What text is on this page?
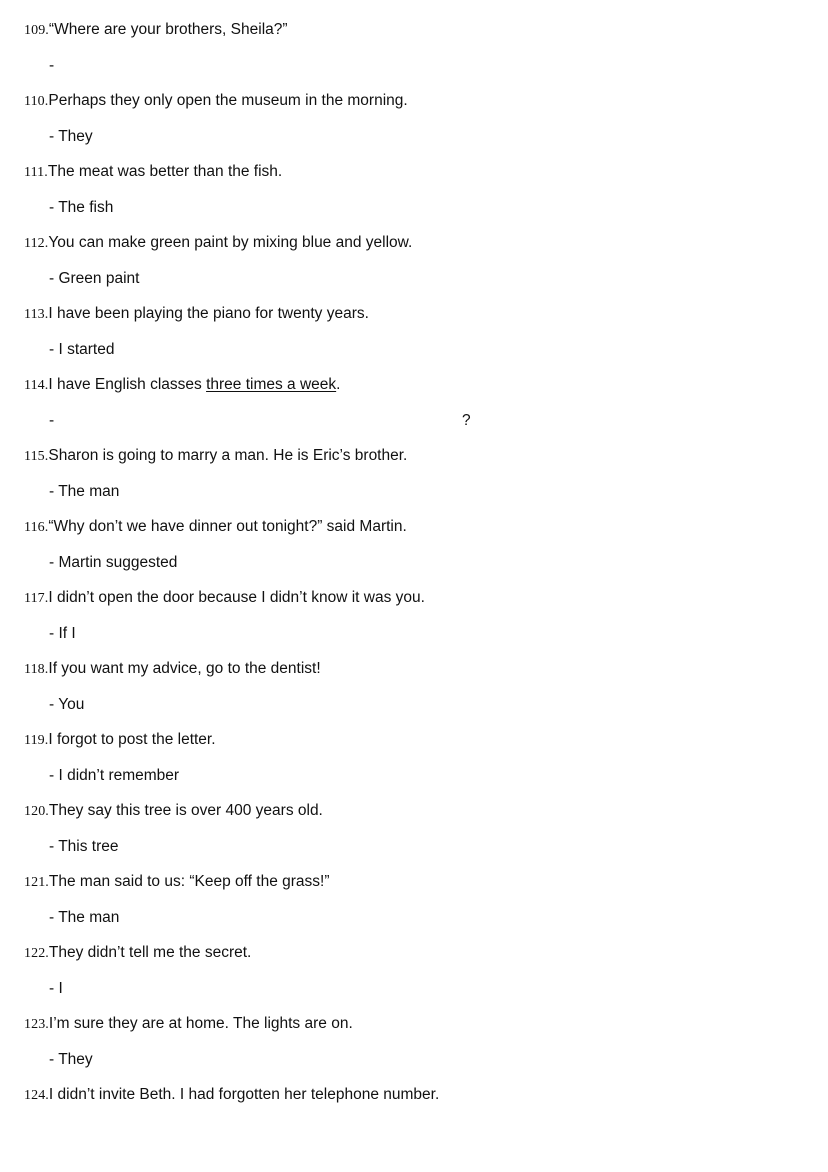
109.“Where are your brothers, Sheila?”
-
110.Perhaps they only open the museum in the morning.
- They
111.The meat was better than the fish.
- The fish
112.You can make green paint by mixing blue and yellow.
- Green paint
113.I have been playing the piano for twenty years.
- I started
114.I have English classes three times a week.
-	?
115.Sharon is going to marry a man. He is Eric’s brother.
- The man
116.“Why don’t we have dinner out tonight?” said Martin.
- Martin suggested
117.I didn’t open the door because I didn’t know it was you.
- If I
118.If you want my advice, go to the dentist!
- You
119.I forgot to post the letter.
- I didn’t remember
120.They say this tree is over 400 years old.
- This tree
121.The man said to us: “Keep off the grass!”
- The man
122.They didn’t tell me the secret.
- I
123.I’m sure they are at home. The lights are on.
- They
124.I didn’t invite Beth. I had forgotten her telephone number.
